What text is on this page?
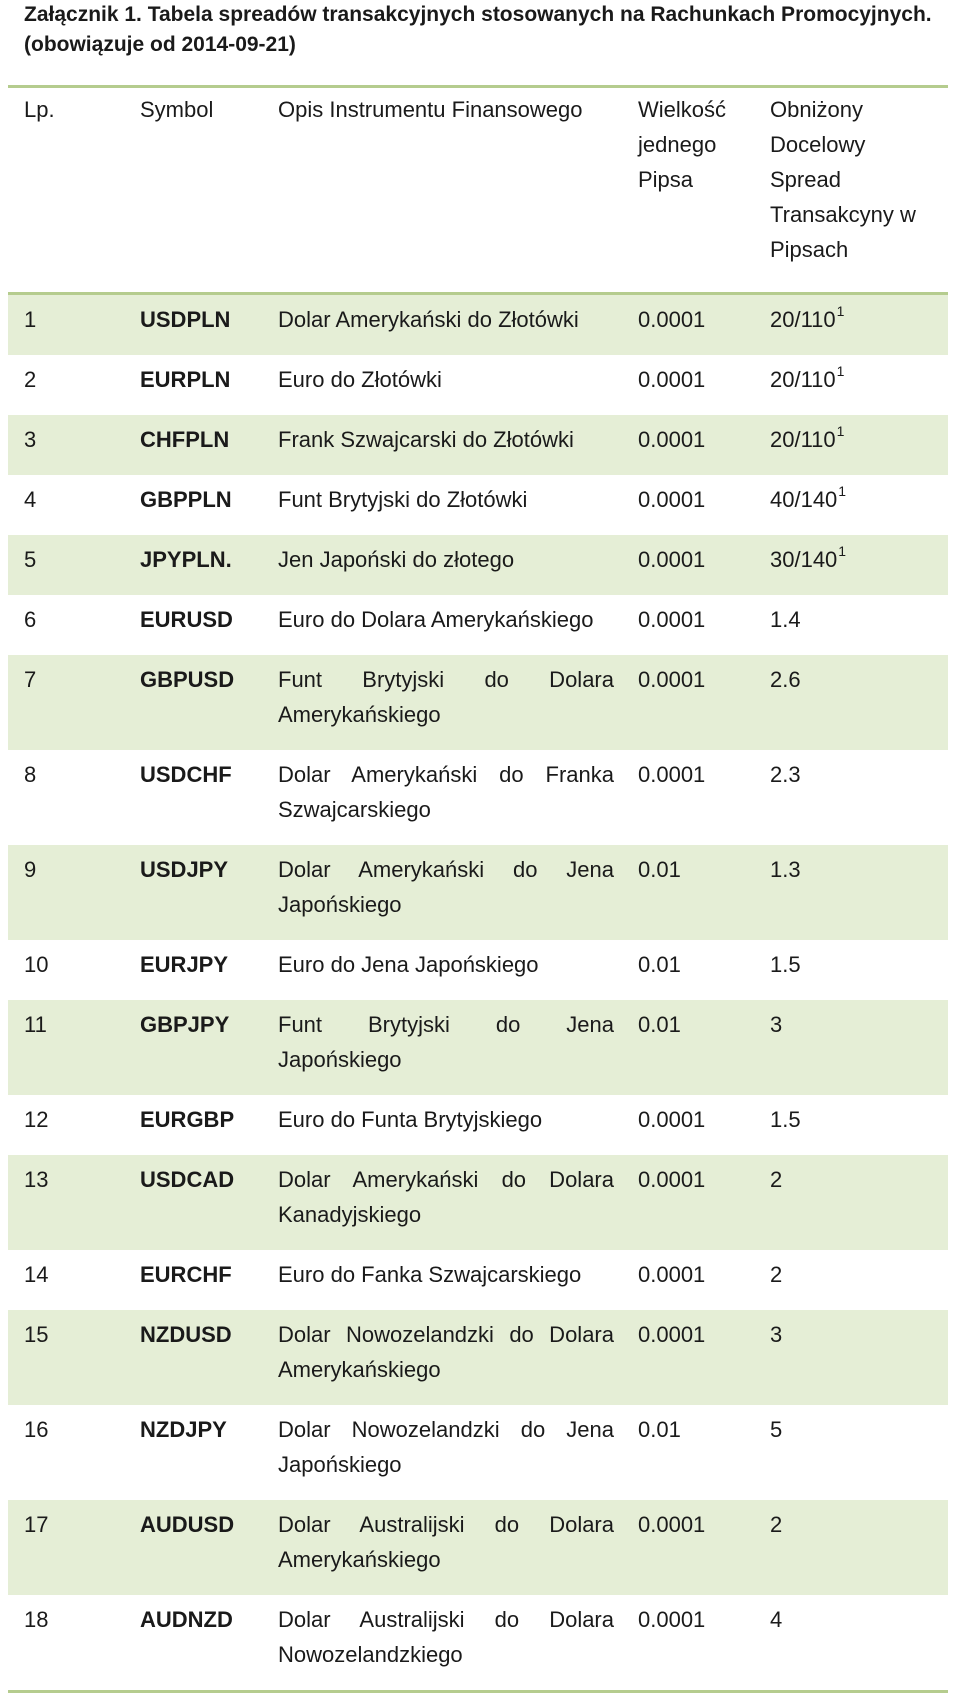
Załącznik 1. Tabela spreadów transakcyjnych stosowanych na Rachunkach Promocyjnych.
(obowiązuje od 2014-09-21)
Lp.	Symbol	Opis Instrumentu Finansowego	Wielkość jednego Pipsa	Obniżony Docelowy Spread Transakcyny w Pipsach
1	USDPLN	Dolar Amerykański do Złotówki	0.0001	20/110$^1$
2	EURPLN	Euro do Złotówki	0.0001	20/110$^1$
3	CHFPLN	Frank Szwajcarski do Złotówki	0.0001	20/110$^1$
4	GBPPLN	Funt Brytyjski do Złotówki	0.0001	40/140$^1$
5	JPYPLN.	Jen Japoński do złotego	0.0001	30/140$^1$
6	EURUSD	Euro do Dolara Amerykańskiego	0.0001	1.4
7	GBPUSD	Funt Brytyjski do Dolara Amerykańskiego	0.0001	2.6
8	USDCHF	Dolar Amerykański do Franka Szwajcarskiego	0.0001	2.3
9	USDJPY	Dolar Amerykański do Jena Japońskiego	0.01	1.3
10	EURJPY	Euro do Jena Japońskiego	0.01	1.5
11	GBPJPY	Funt Brytyjski do Jena Japońskiego	0.01	3
12	EURGBP	Euro do Funta Brytyjskiego	0.0001	1.5
13	USDCAD	Dolar Amerykański do Dolara Kanadyjskiego	0.0001	2
14	EURCHF	Euro do Fanka Szwajcarskiego	0.0001	2
15	NZDUSD	Dolar Nowozelandzki do Dolara Amerykańskiego	0.0001	3
16	NZDJPY	Dolar Nowozelandzki do Jena Japońskiego	0.01	5
17	AUDUSD	Dolar Australijski do Dolara Amerykańskiego	0.0001	2
18	AUDNZD	Dolar Australijski do Dolara Nowozelandzkiego	0.0001	4
